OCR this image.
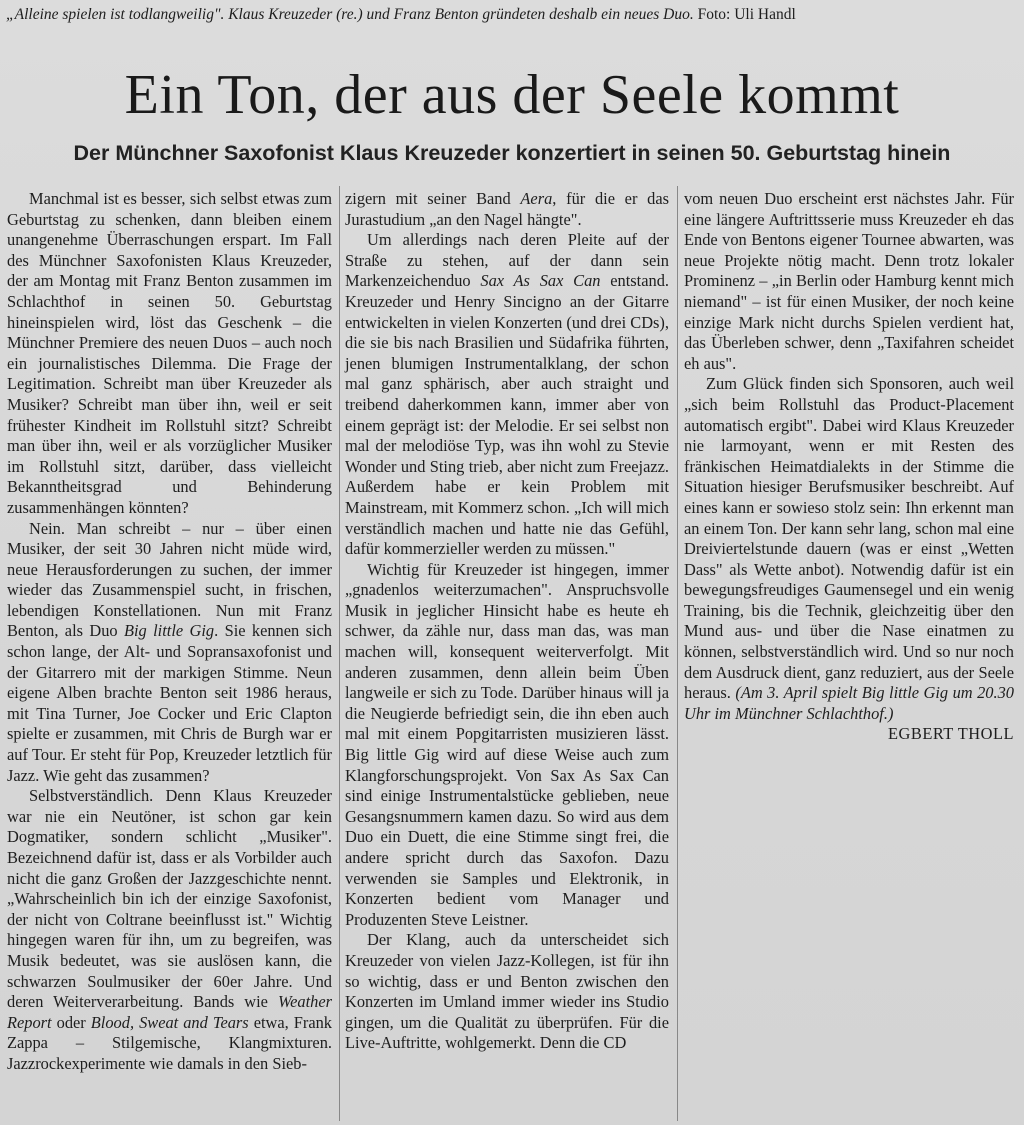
„Alleine spielen ist todlangweilig". Klaus Kreuzeder (re.) und Franz Benton gründeten deshalb ein neues Duo. Foto: Uli Handl
Ein Ton, der aus der Seele kommt
Der Münchner Saxofonist Klaus Kreuzeder konzertiert in seinen 50. Geburtstag hinein

Manchmal ist es besser, sich selbst etwas zum Geburtstag zu schenken, dann bleiben einem unangenehme Überraschungen erspart. Im Fall des Münchner Saxofonisten Klaus Kreuzeder, der am Montag mit Franz Benton zusammen im Schlachthof in seinen 50. Geburtstag hineinspielen wird, löst das Geschenk – die Münchner Premiere des neuen Duos – auch noch ein journalistisches Dilemma. Die Frage der Legitimation. Schreibt man über Kreuzeder als Musiker? Schreibt man über ihn, weil er seit frühester Kindheit im Rollstuhl sitzt? Schreibt man über ihn, weil er als vorzüglicher Musiker im Rollstuhl sitzt, darüber, dass vielleicht Bekanntheitsgrad und Behinderung zusammenhängen könnten?

Nein. Man schreibt – nur – über einen Musiker, der seit 30 Jahren nicht müde wird, neue Herausforderungen zu suchen, der immer wieder das Zusammenspiel sucht, in frischen, lebendigen Konstellationen. Nun mit Franz Benton, als Duo Big little Gig. Sie kennen sich schon lange, der Alt- und Sopransaxofonist und der Gitarrero mit der markigen Stimme. Neun eigene Alben brachte Benton seit 1986 heraus, mit Tina Turner, Joe Cocker und Eric Clapton spielte er zusammen, mit Chris de Burgh war er auf Tour. Er steht für Pop, Kreuzeder letztlich für Jazz. Wie geht das zusammen?

Selbstverständlich. Denn Klaus Kreuzeder war nie ein Neutöner, ist schon gar kein Dogmatiker, sondern schlicht „Musiker". Bezeichnend dafür ist, dass er als Vorbilder auch nicht die ganz Großen der Jazzgeschichte nennt. „Wahrscheinlich bin ich der einzige Saxofonist, der nicht von Coltrane beeinflusst ist." Wichtig hingegen waren für ihn, um zu begreifen, was Musik bedeutet, was sie auslösen kann, die schwarzen Soulmusiker der 60er Jahre. Und deren Weiterverarbeitung. Bands wie Weather Report oder Blood, Sweat and Tears etwa, Frank Zappa – Stilgemische, Klangmixturen. Jazzrockexperimente wie damals in den Sieb-

zigern mit seiner Band Aera, für die er das Jurastudium „an den Nagel hängte".

Um allerdings nach deren Pleite auf der Straße zu stehen, auf der dann sein Markenzeichenduo Sax As Sax Can entstand. Kreuzeder und Henry Sincigno an der Gitarre entwickelten in vielen Konzerten (und drei CDs), die sie bis nach Brasilien und Südafrika führten, jenen blumigen Instrumentalklang, der schon mal ganz sphärisch, aber auch straight und treibend daherkommen kann, immer aber von einem geprägt ist: der Melodie. Er sei selbst non mal der melodiöse Typ, was ihn wohl zu Stevie Wonder und Sting trieb, aber nicht zum Freejazz. Außerdem habe er kein Problem mit Mainstream, mit Kommerz schon. „Ich will mich verständlich machen und hatte nie das Gefühl, dafür kommerzieller werden zu müssen."

Wichtig für Kreuzeder ist hingegen, immer „gnadenlos weiterzumachen". Anspruchsvolle Musik in jeglicher Hinsicht habe es heute eh schwer, da zähle nur, dass man das, was man machen will, konsequent weiterverfolgt. Mit anderen zusammen, denn allein beim Üben langweile er sich zu Tode. Darüber hinaus will ja die Neugierde befriedigt sein, die ihn eben auch mal mit einem Popgitarristen musizieren lässt. Big little Gig wird auf diese Weise auch zum Klangforschungsprojekt. Von Sax As Sax Can sind einige Instrumentalstücke geblieben, neue Gesangsnummern kamen dazu. So wird aus dem Duo ein Duett, die eine Stimme singt frei, die andere spricht durch das Saxofon. Dazu verwenden sie Samples und Elektronik, in Konzerten bedient vom Manager und Produzenten Steve Leistner.

Der Klang, auch da unterscheidet sich Kreuzeder von vielen Jazz-Kollegen, ist für ihn so wichtig, dass er und Benton zwischen den Konzerten im Umland immer wieder ins Studio gingen, um die Qualität zu überprüfen. Für die Live-Auftritte, wohlgemerkt. Denn die CD

vom neuen Duo erscheint erst nächstes Jahr. Für eine längere Auftrittsserie muss Kreuzeder eh das Ende von Bentons eigener Tournee abwarten, was neue Projekte nötig macht. Denn trotz lokaler Prominenz – „in Berlin oder Hamburg kennt mich niemand" – ist für einen Musiker, der noch keine einzige Mark nicht durchs Spielen verdient hat, das Überleben schwer, denn „Taxifahren scheidet eh aus".

Zum Glück finden sich Sponsoren, auch weil „sich beim Rollstuhl das Product-Placement automatisch ergibt". Dabei wird Klaus Kreuzeder nie larmoyant, wenn er mit Resten des fränkischen Heimatdialekts in der Stimme die Situation hiesiger Berufsmusiker beschreibt. Auf eines kann er sowieso stolz sein: Ihn erkennt man an einem Ton. Der kann sehr lang, schon mal eine Dreiviertelstunde dauern (was er einst „Wetten Dass" als Wette anbot). Notwendig dafür ist ein bewegungsfreudiges Gaumensegel und ein wenig Training, bis die Technik, gleichzeitig über den Mund aus- und über die Nase einatmen zu können, selbstverständlich wird. Und so nur noch dem Ausdruck dient, ganz reduziert, aus der Seele heraus. (Am 3. April spielt Big little Gig um 20.30 Uhr im Münchner Schlachthof.)

EGBERT THOLL
